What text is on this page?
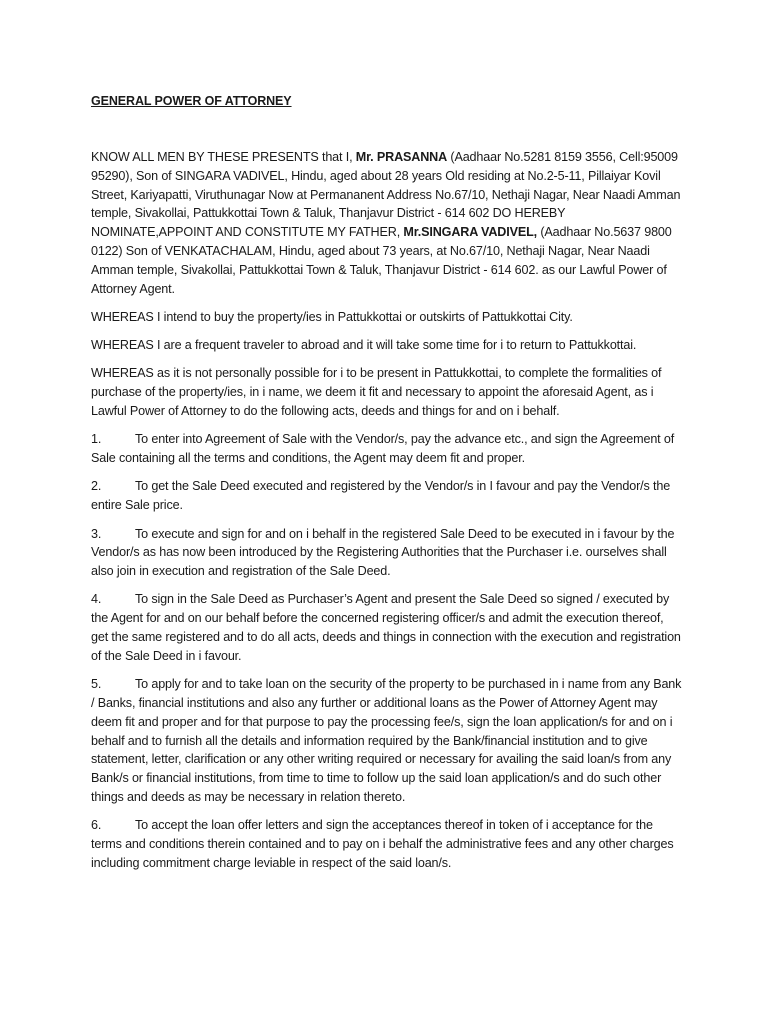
GENERAL POWER OF ATTORNEY

KNOW ALL MEN BY THESE PRESENTS that I, Mr. PRASANNA (Aadhaar No.5281 8159 3556, Cell:95009 95290), Son of SINGARA VADIVEL, Hindu, aged about 28 years Old residing at No.2-5-11, Pillaiyar Kovil Street, Kariyapatti, Viruthunagar Now at Permananent Address No.67/10, Nethaji Nagar, Near Naadi Amman temple, Sivakollai, Pattukkottai Town & Taluk, Thanjavur District - 614 602 DO HEREBY NOMINATE,APPOINT AND CONSTITUTE MY FATHER, Mr.SINGARA VADIVEL, (Aadhaar No.5637 9800 0122) Son of VENKATACHALAM, Hindu, aged about 73 years, at No.67/10, Nethaji Nagar, Near Naadi Amman temple, Sivakollai, Pattukkottai Town & Taluk, Thanjavur District - 614 602. as our Lawful Power of Attorney Agent.

WHEREAS I intend to buy the property/ies in Pattukkottai or outskirts of Pattukkottai City.

WHEREAS I are a frequent traveler to abroad and it will take some time for i to return to Pattukkottai.

WHEREAS as it is not personally possible for i to be present in Pattukkottai, to complete the formalities of purchase of the property/ies, in i name, we deem it fit and necessary to appoint the aforesaid Agent, as i Lawful Power of Attorney to do the following acts, deeds and things for and on i behalf.

1.	To enter into Agreement of Sale with the Vendor/s, pay the advance etc., and sign the Agreement of Sale containing all the terms and conditions, the Agent may deem fit and proper.

2.	To get the Sale Deed executed and registered by the Vendor/s in I favour and pay the Vendor/s the entire Sale price.

3.	To execute and sign for and on i behalf in the registered Sale Deed to be executed in i favour by the Vendor/s as has now been introduced by the Registering Authorities that the Purchaser i.e. ourselves shall also join in execution and registration of the Sale Deed.

4.	To sign in the Sale Deed as Purchaser’s Agent and present the Sale Deed so signed / executed by the Agent for and on our behalf before the concerned registering officer/s and admit the execution thereof, get the same registered and to do all acts, deeds and things in connection with the execution and registration of the Sale Deed in i favour.

5.	To apply for and to take loan on the security of the property to be purchased in i name from any Bank / Banks, financial institutions and also any further or additional loans as the Power of Attorney Agent may deem fit and proper and for that purpose to pay the processing fee/s, sign the loan application/s for and on i behalf and to furnish all the details and information required by the Bank/financial institution and to give statement, letter, clarification or any other writing required or necessary for availing the said loan/s from any Bank/s or financial institutions, from time to time to follow up the said loan application/s and do such other things and deeds as may be necessary in relation thereto.

6.	To accept the loan offer letters and sign the acceptances thereof in token of i acceptance for the terms and conditions therein contained and to pay on i behalf the administrative fees and any other charges including commitment charge leviable in respect of the said loan/s.
